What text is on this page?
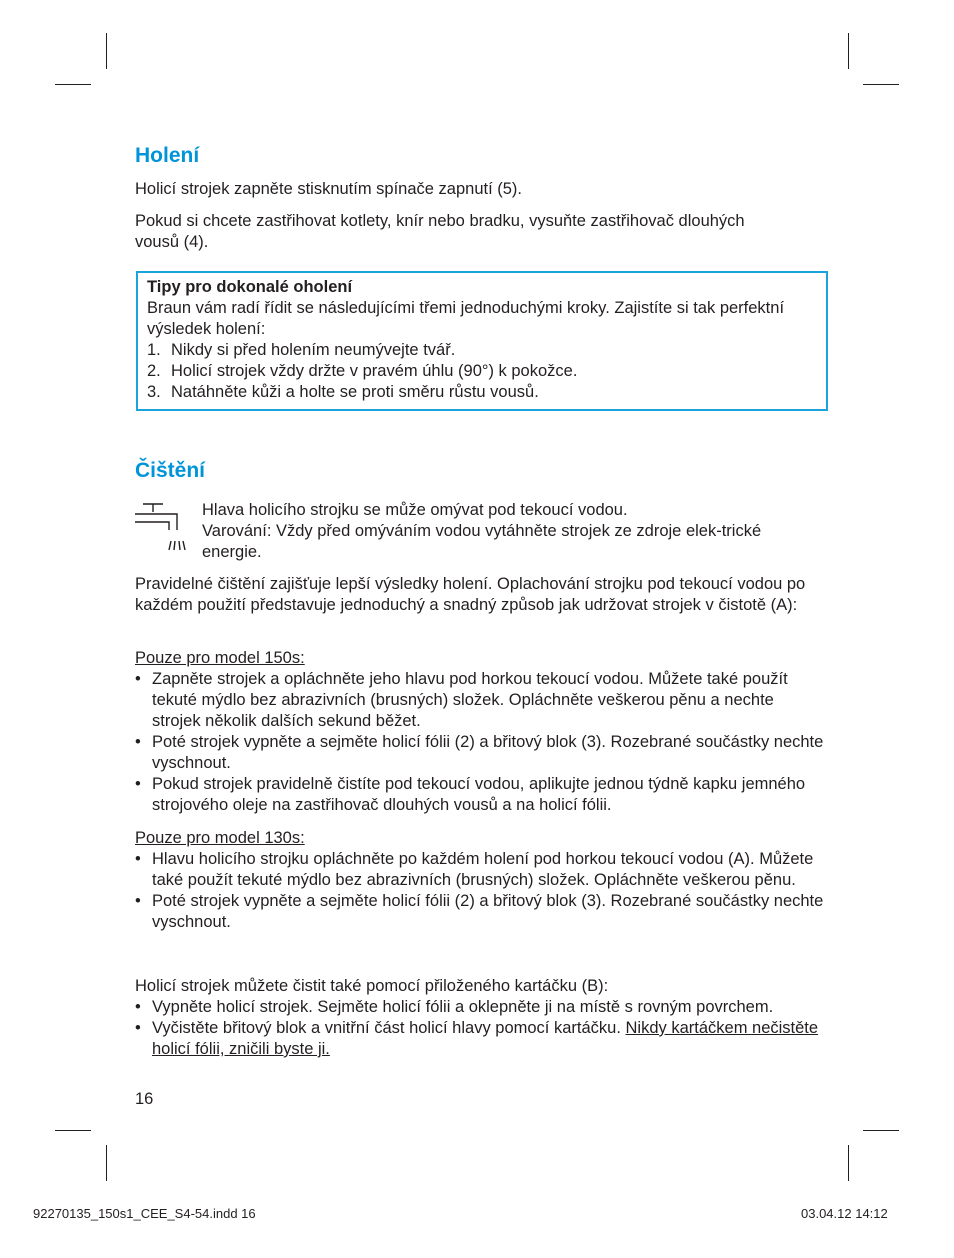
Holení

Holicí strojek zapněte stisknutím spínače zapnutí (5).

Pokud si chcete zastřihovat kotlety, knír nebo bradku, vysuňte zastřihovač dlouhých vousů (4).

Tipy pro dokonalé oholení
Braun vám radí řídit se následujícími třemi jednoduchými kroky. Zajistíte si tak perfektní výsledek holení:
1. Nikdy si před holením neumývejte tvář.
2. Holicí strojek vždy držte v pravém úhlu (90°) k pokožce.
3. Natáhněte kůži a holte se proti směru růstu vousů.
Čištění
Hlava holicího strojku se může omývat pod tekoucí vodou.
Varování: Vždy před omýváním vodou vytáhněte strojek ze zdroje elek-trické energie.

Pravidelné čištění zajišťuje lepší výsledky holení. Oplachování strojku pod tekoucí vodou po každém použití představuje jednoduchý a snadný způsob jak udržovat strojek v čistotě (A):

Pouze pro model 150s:
• Zapněte strojek a opláchněte jeho hlavu pod horkou tekoucí vodou. Můžete také použít tekuté mýdlo bez abrazivních (brusných) složek. Opláchněte veškerou pěnu a nechte strojek několik dalších sekund běžet.
• Poté strojek vypněte a sejměte holicí fólii (2) a břitový blok (3). Rozebrané součástky nechte vyschnout.
• Pokud strojek pravidelně čistíte pod tekoucí vodou, aplikujte jednou týdně kapku jemného strojového oleje na zastřihovač dlouhých vousů a na holicí fólii.
Pouze pro model 130s:
• Hlavu holicího strojku opláchněte po každém holení pod horkou tekoucí vodou (A). Můžete také použít tekuté mýdlo bez abrazivních (brusných) složek. Opláchněte veškerou pěnu.
• Poté strojek vypněte a sejměte holicí fólii (2) a břitový blok (3). Rozebrané součástky nechte vyschnout.
Holicí strojek můžete čistit také pomocí přiloženého kartáčku (B):
• Vypněte holicí strojek. Sejměte holicí fólii a oklepněte ji na místě s rovným povrchem.
• Vyčistěte břitový blok a vnitřní část holicí hlavy pomocí kartáčku. Nikdy kartáčkem nečistěte holicí fólii, zničili byste ji.
16
92270135_150s1_CEE_S4-54.indd 16	03.04.12 14:12
